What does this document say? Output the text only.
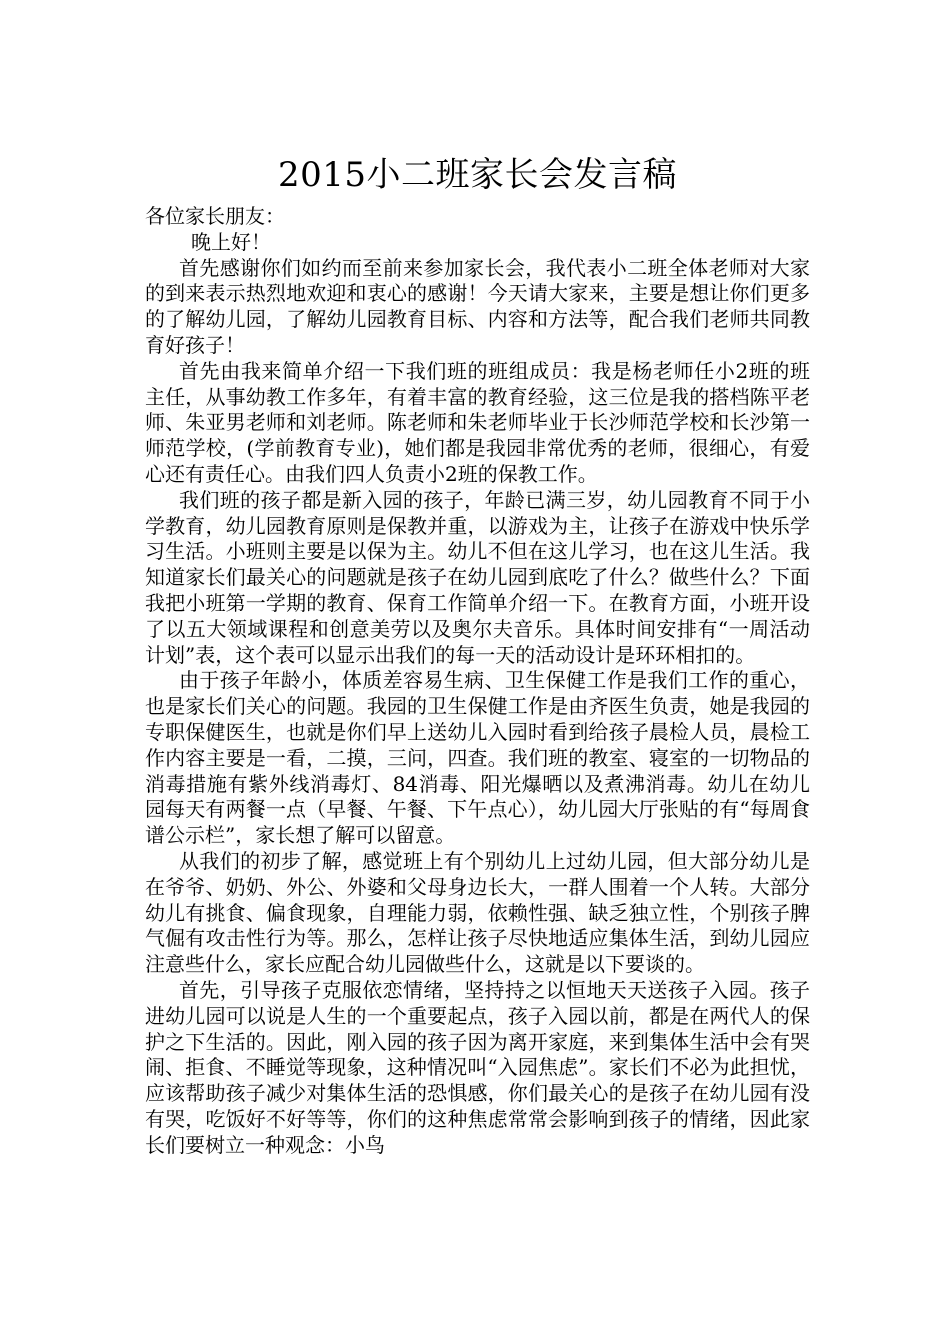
2015小二班家长会发言稿

各位家长朋友：

晚上好！

首先感谢你们如约而至前来参加家长会，我代表小二班全体老师对大家的到来表示热烈地欢迎和衷心的感谢！今天请大家来，主要是想让你们更多的了解幼儿园，了解幼儿园教育目标、内容和方法等，配合我们老师共同教育好孩子！

首先由我来简单介绍一下我们班的班组成员：我是杨老师任小2班的班主任，从事幼教工作多年，有着丰富的教育经验，这三位是我的搭档陈平老师、朱亚男老师和刘老师。陈老师和朱老师毕业于长沙师范学校和长沙第一师范学校，(学前教育专业)，她们都是我园非常优秀的老师，很细心，有爱心还有责任心。由我们四人负责小2班的保教工作。

我们班的孩子都是新入园的孩子，年龄已满三岁，幼儿园教育不同于小学教育，幼儿园教育原则是保教并重，以游戏为主，让孩子在游戏中快乐学习生活。小班则主要是以保为主。幼儿不但在这儿学习，也在这儿生活。我知道家长们最关心的问题就是孩子在幼儿园到底吃了什么？做些什么？下面我把小班第一学期的教育、保育工作简单介绍一下。在教育方面，小班开设了以五大领域课程和创意美劳以及奥尔夫音乐。具体时间安排有“一周活动计划”表，这个表可以显示出我们的每一天的活动设计是环环相扣的。

由于孩子年龄小，体质差容易生病、卫生保健工作是我们工作的重心，也是家长们关心的问题。我园的卫生保健工作是由齐医生负责，她是我园的专职保健医生，也就是你们早上送幼儿入园时看到给孩子晨检人员，晨检工作内容主要是一看，二摸，三问，四查。我们班的教室、寝室的一切物品的消毒措施有紫外线消毒灯、84消毒、阳光爆晒以及煮沸消毒。幼儿在幼儿园每天有两餐一点（早餐、午餐、下午点心），幼儿园大厅张贴的有“每周食谱公示栏”，家长想了解可以留意。

从我们的初步了解，感觉班上有个别幼儿上过幼儿园，但大部分幼儿是在爷爷、奶奶、外公、外婆和父母身边长大，一群人围着一个人转。大部分幼儿有挑食、偏食现象，自理能力弱，依赖性强、缺乏独立性，个别孩子脾气倔有攻击性行为等。那么，怎样让孩子尽快地适应集体生活，到幼儿园应注意些什么，家长应配合幼儿园做些什么，这就是以下要谈的。

首先，引导孩子克服依恋情绪，坚持持之以恒地天天送孩子入园。孩子进幼儿园可以说是人生的一个重要起点，孩子入园以前，都是在两代人的保护之下生活的。因此，刚入园的孩子因为离开家庭，来到集体生活中会有哭闹、拒食、不睡觉等现象，这种情况叫“入园焦虑”。家长们不必为此担忧，应该帮助孩子减少对集体生活的恐惧感，你们最关心的是孩子在幼儿园有没有哭，吃饭好不好等等，你们的这种焦虑常常会影响到孩子的情绪，因此家长们要树立一种观念：小鸟
